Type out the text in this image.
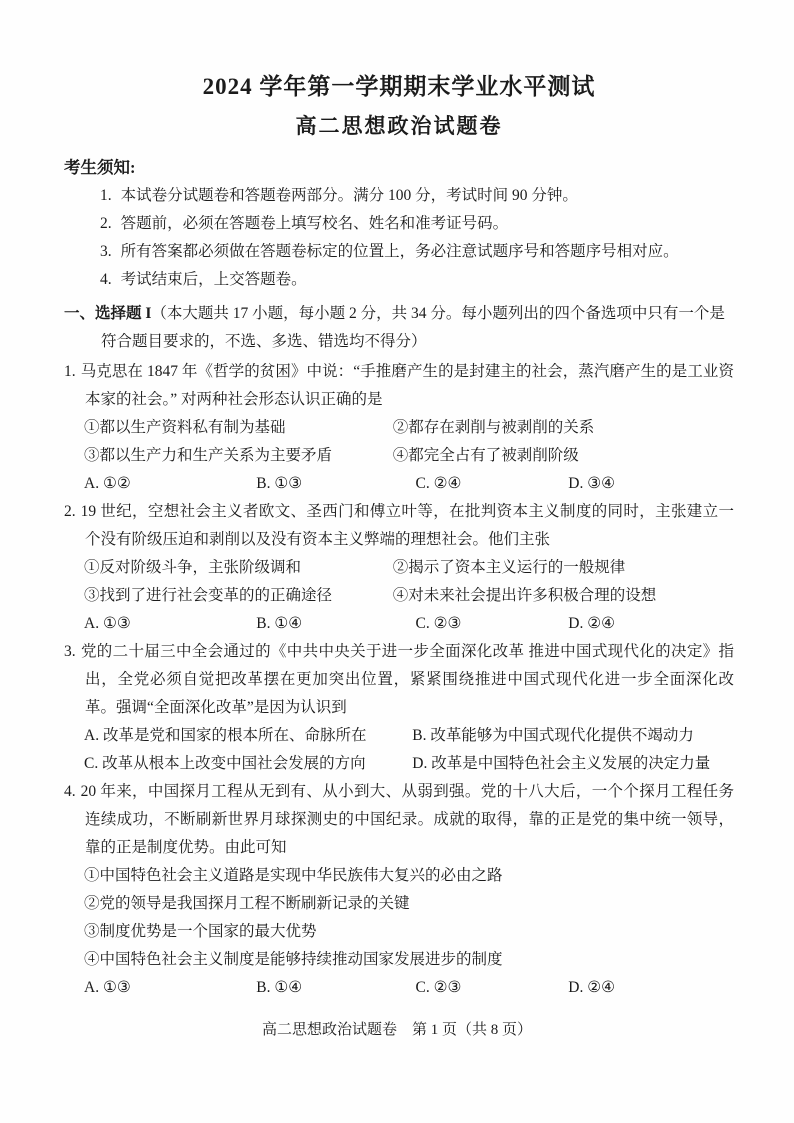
2024 学年第一学期期末学业水平测试
高二思想政治试题卷
考生须知:

1. 本试卷分试题卷和答题卷两部分。满分 100 分，考试时间 90 分钟。

2. 答题前，必须在答题卷上填写校名、姓名和准考证号码。

3. 所有答案都必须做在答题卷标定的位置上，务必注意试题序号和答题序号相对应。

4. 考试结束后，上交答题卷。

一、选择题 I（本大题共 17 小题，每小题 2 分，共 34 分。每小题列出的四个备选项中只有一个是符合题目要求的，不选、多选、错选均不得分）

1. 马克思在 1847 年《哲学的贫困》中说：“手推磨产生的是封建主的社会，蒸汽磨产生的是工业资本家的社会。” 对两种社会形态认识正确的是

①都以生产资料私有制为基础	②都存在剥削与被剥削的关系
③都以生产力和生产关系为主要矛盾	④都完全占有了被剥削阶级
A. ①②	B. ①③	C. ②④	D. ③④

2. 19 世纪，空想社会主义者欧文、圣西门和傅立叶等，在批判资本主义制度的同时，主张建立一个没有阶级压迫和剥削以及没有资本主义弊端的理想社会。他们主张

①反对阶级斗争，主张阶级调和	②揭示了资本主义运行的一般规律
③找到了进行社会变革的的正确途径	④对未来社会提出许多积极合理的设想
A. ①③	B. ①④	C. ②③	D. ②④

3. 党的二十届三中全会通过的《中共中央关于进一步全面深化改革 推进中国式现代化的决定》指出，全党必须自觉把改革摆在更加突出位置，紧紧围绕推进中国式现代化进一步全面深化改革。强调“全面深化改革”是因为认识到

A. 改革是党和国家的根本所在、命脉所在	B. 改革能够为中国式现代化提供不竭动力
C. 改革从根本上改变中国社会发展的方向	D. 改革是中国特色社会主义发展的决定力量

4. 20 年来，中国探月工程从无到有、从小到大、从弱到强。党的十八大后，一个个探月工程任务连续成功，不断刷新世界月球探测史的中国纪录。成就的取得，靠的正是党的集中统一领导，靠的正是制度优势。由此可知

①中国特色社会主义道路是实现中华民族伟大复兴的必由之路
②党的领导是我国探月工程不断刷新记录的关键
③制度优势是一个国家的最大优势
④中国特色社会主义制度是能够持续推动国家发展进步的制度
A. ①③	B. ①④	C. ②③	D. ②④
高二思想政治试题卷　第 1 页（共 8 页）
